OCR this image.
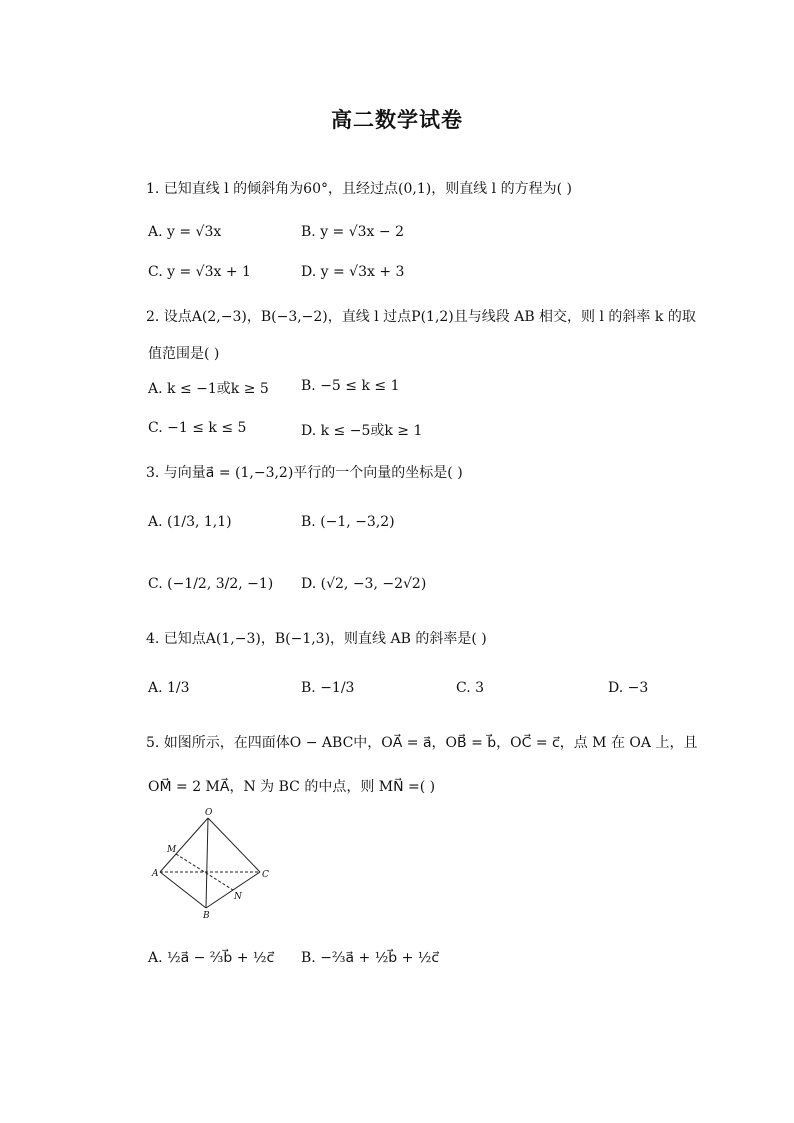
高二数学试卷
1. 已知直线 l 的倾斜角为60°，且经过点(0,1)，则直线 l 的方程为( )
A. y = √3x	B. y = √3x − 2
C. y = √3x + 1	D. y = √3x + 3
2. 设点A(2,−3)，B(−3,−2)，直线 l 过点P(1,2)且与线段 AB 相交，则 l 的斜率 k 的取
值范围是( )
A. k ≤ −1或k ≥ 5 B. −5 ≤ k ≤ 1
C. −1 ≤ k ≤ 5	D. k ≤ −5或k ≥ 1
3. 与向量a⃗ = (1,−3,2)平行的一个向量的坐标是( )
A. (1/3, 1,1)	B. (−1, −3,2)
C. (−1/2, 3/2, −1) D. (√2, −3, −2√2)
4. 已知点A(1,−3)，B(−1,3)，则直线 AB 的斜率是( )
A. 1/3	B. −1/3	C. 3	D. −3
5. 如图所示，在四面体O − ABC中，OA⃗ = a⃗，OB⃗ = b⃗，OC⃗ = c⃗，点 M 在 OA 上，且
OM⃗ = 2 MA⃗，N 为 BC 的中点，则 MN⃗ =( )
O
M
A	C
N
B
A. ½a⃗ − ⅔b⃗ + ½c⃗ B. −⅔a⃗ + ½b⃗ + ½c⃗
